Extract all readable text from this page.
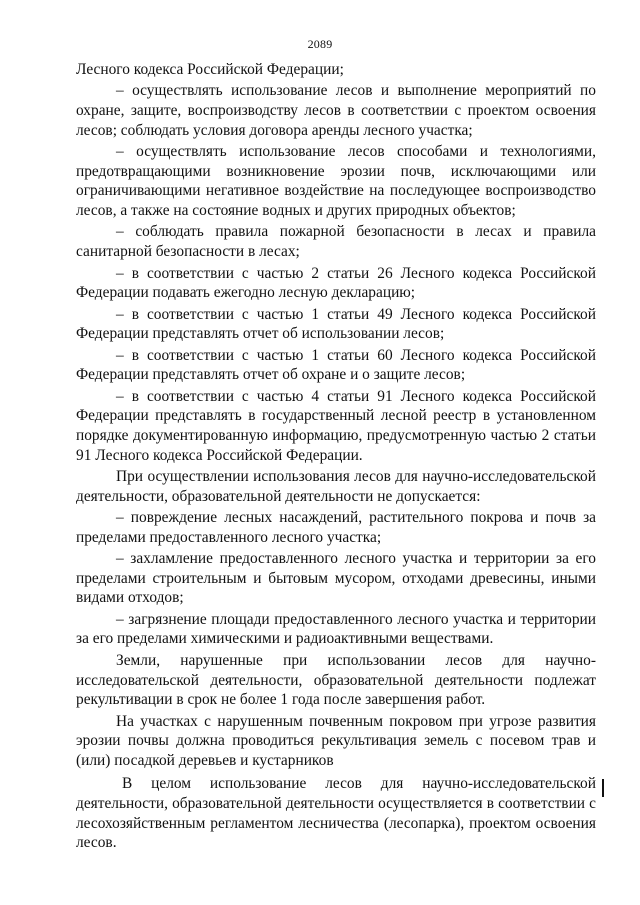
2089

Лесного кодекса Российской Федерации;

– осуществлять использование лесов и выполнение мероприятий по охране, защите, воспроизводству лесов в соответствии с проектом освоения лесов; соблюдать условия договора аренды лесного участка;

– осуществлять использование лесов способами и технологиями, предотвращающими возникновение эрозии почв, исключающими или ограничивающими негативное воздействие на последующее воспроизводство лесов, а также на состояние водных и других природных объектов;

– соблюдать правила пожарной безопасности в лесах и правила санитарной безопасности в лесах;

– в соответствии с частью 2 статьи 26 Лесного кодекса Российской Федерации подавать ежегодно лесную декларацию;

– в соответствии с частью 1 статьи 49 Лесного кодекса Российской Федерации представлять отчет об использовании лесов;

– в соответствии с частью 1 статьи 60 Лесного кодекса Российской Федерации представлять отчет об охране и о защите лесов;

– в соответствии с частью 4 статьи 91 Лесного кодекса Российской Федерации представлять в государственный лесной реестр в установленном порядке документированную информацию, предусмотренную частью 2 статьи 91 Лесного кодекса Российской Федерации.

При осуществлении использования лесов для научно-исследовательской деятельности, образовательной деятельности не допускается:

– повреждение лесных насаждений, растительного покрова и почв за пределами предоставленного лесного участка;

– захламление предоставленного лесного участка и территории за его пределами строительным и бытовым мусором, отходами древесины, иными видами отходов;

– загрязнение площади предоставленного лесного участка и территории за его пределами химическими и радиоактивными веществами.

Земли, нарушенные при использовании лесов для научно-исследовательской деятельности, образовательной деятельности подлежат рекультивации в срок не более 1 года после завершения работ.

На участках с нарушенным почвенным покровом при угрозе развития эрозии почвы должна проводиться рекультивация земель с посевом трав и (или) посадкой деревьев и кустарников

В целом использование лесов для научно-исследовательской деятельности, образовательной деятельности осуществляется в соответствии с лесохозяйственным регламентом лесничества (лесопарка), проектом освоения лесов.
